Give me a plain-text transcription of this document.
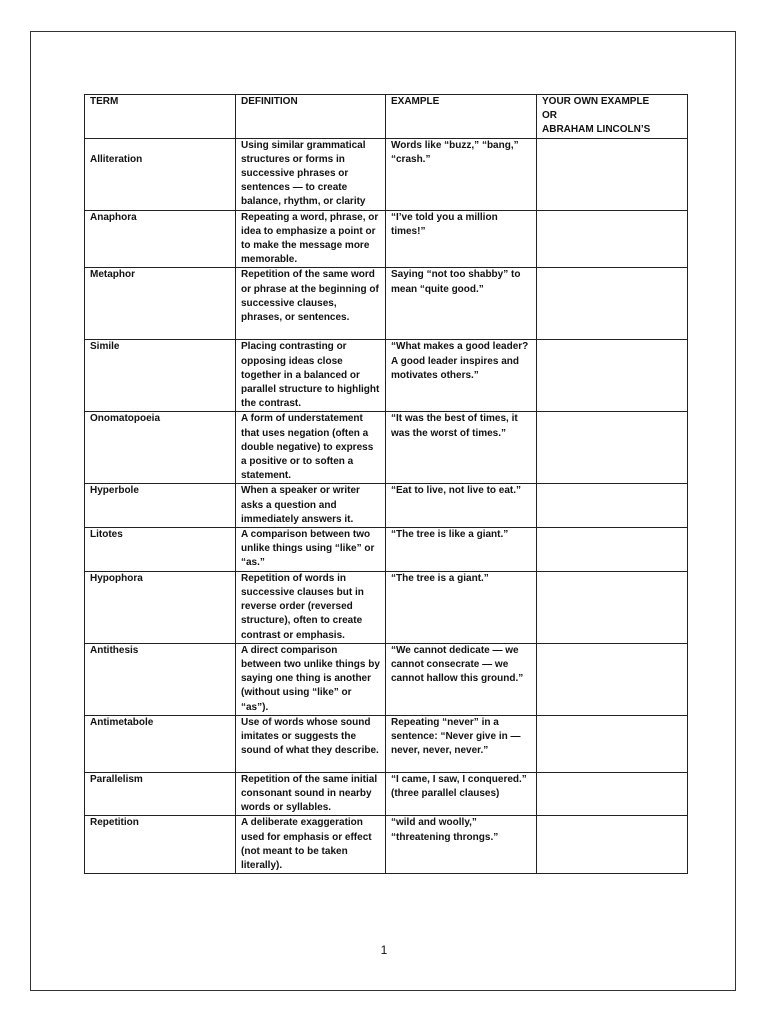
TERM	DEFINITION	EXAMPLE	YOUR OWN EXAMPLE
OR
ABRAHAM LINCOLN’S
Alliteration	Using similar grammatical structures or forms in successive phrases or sentences — to create balance, rhythm, or clarity	Words like “buzz,” “bang,” “crash.”	
Anaphora	Repeating a word, phrase, or idea to emphasize a point or to make the message more memorable.	“I’ve told you a million times!”	
Metaphor	Repetition of the same word or phrase at the beginning of successive clauses, phrases, or sentences.	Saying “not too shabby” to mean “quite good.”	
Simile	Placing contrasting or opposing ideas close together in a balanced or parallel structure to highlight the contrast.	“What makes a good leader? A good leader inspires and motivates others.”	
Onomatopoeia	A form of understatement that uses negation (often a double negative) to express a positive or to soften a statement.	“It was the best of times, it was the worst of times.”	
Hyperbole	When a speaker or writer asks a question and immediately answers it.	“Eat to live, not live to eat.”	
Litotes	A comparison between two unlike things using “like” or “as.”	“The tree is like a giant.”	
Hypophora	Repetition of words in successive clauses but in reverse order (reversed structure), often to create contrast or emphasis.	“The tree is a giant.”	
Antithesis	A direct comparison between two unlike things by saying one thing is another (without using “like” or “as”).	“We cannot dedicate — we cannot consecrate — we cannot hallow this ground.”	
Antimetabole	Use of words whose sound imitates or suggests the sound of what they describe.	Repeating “never” in a sentence: “Never give in — never, never, never.”	
Parallelism	Repetition of the same initial consonant sound in nearby words or syllables.	“I came, I saw, I conquered.” (three parallel clauses)	
Repetition	A deliberate exaggeration used for emphasis or effect (not meant to be taken literally).	“wild and woolly,” “threatening throngs.”	
1
